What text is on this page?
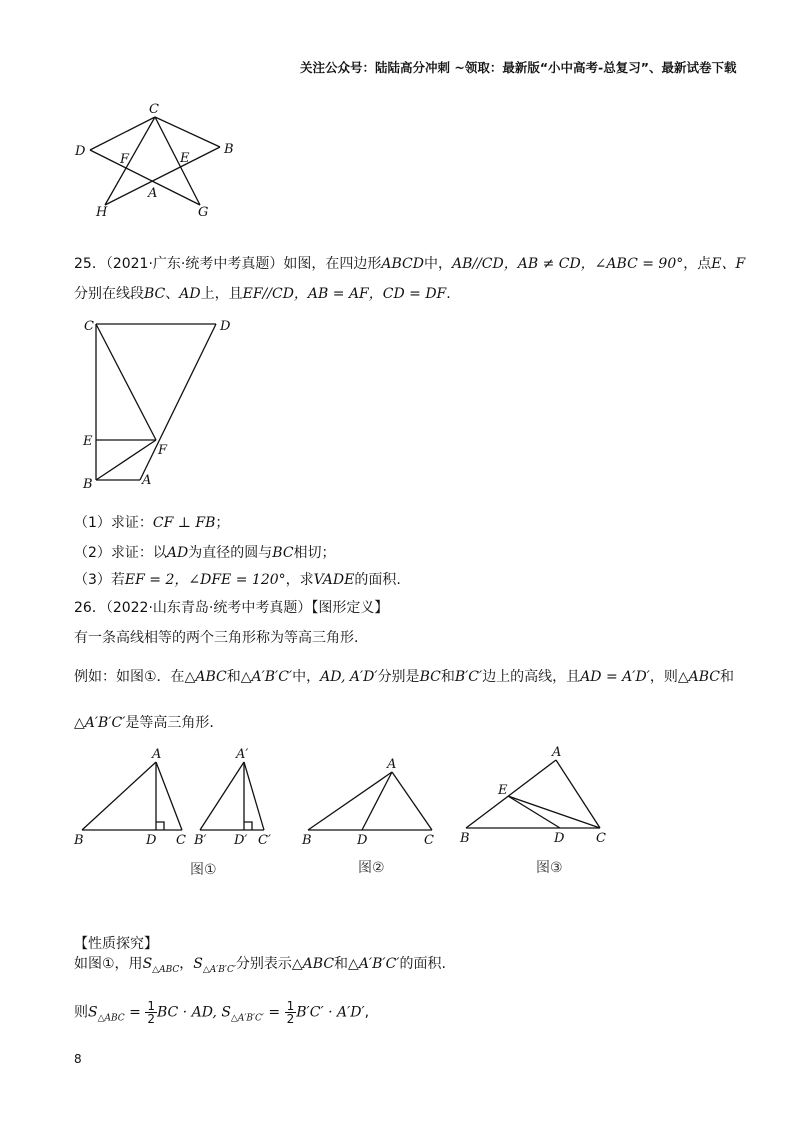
关注公众号：陆陆高分冲刺 ~领取：最新版“小中高考-总复习”、最新试卷下载
C
D	B
F	E
A
H	G
25．（2021·广东·统考中考真题）如图，在四边形ABCD中，AB//CD，AB ≠ CD，∠ABC = 90°，点E、F
分别在线段BC、AD上，且EF//CD，AB = AF，CD = DF.
C	D
E
F
B	A
（1）求证：CF ⊥ FB；
（2）求证：以AD为直径的圆与BC相切；
（3）若EF = 2，∠DFE = 120°，求VADE的面积.
26．（2022·山东青岛·统考中考真题）【图形定义】
有一条高线相等的两个三角形称为等高三角形.
例如：如图①．在△ABC和△A′B′C′中，AD, A′D′分别是BC和B′C′边上的高线，且AD = A′D′，则△ABC和
△A′B′C′是等高三角形.
A
B	D C
A′
B′ D′ C′
图①
A
B	D	C
图②
A
E
B	D C
图③
【性质探究】
如图①，用$S_{\triangle ABC}$，$S_{\triangle A'B'C'}$分别表示△ABC和△A′B′C′的面积.
则$S_{\triangle ABC} = \frac{1}{2}$ BC · AD, $S_{\triangle A'B'C'} = \frac{1}{2} B'C' \cdot A'D'$,
8
